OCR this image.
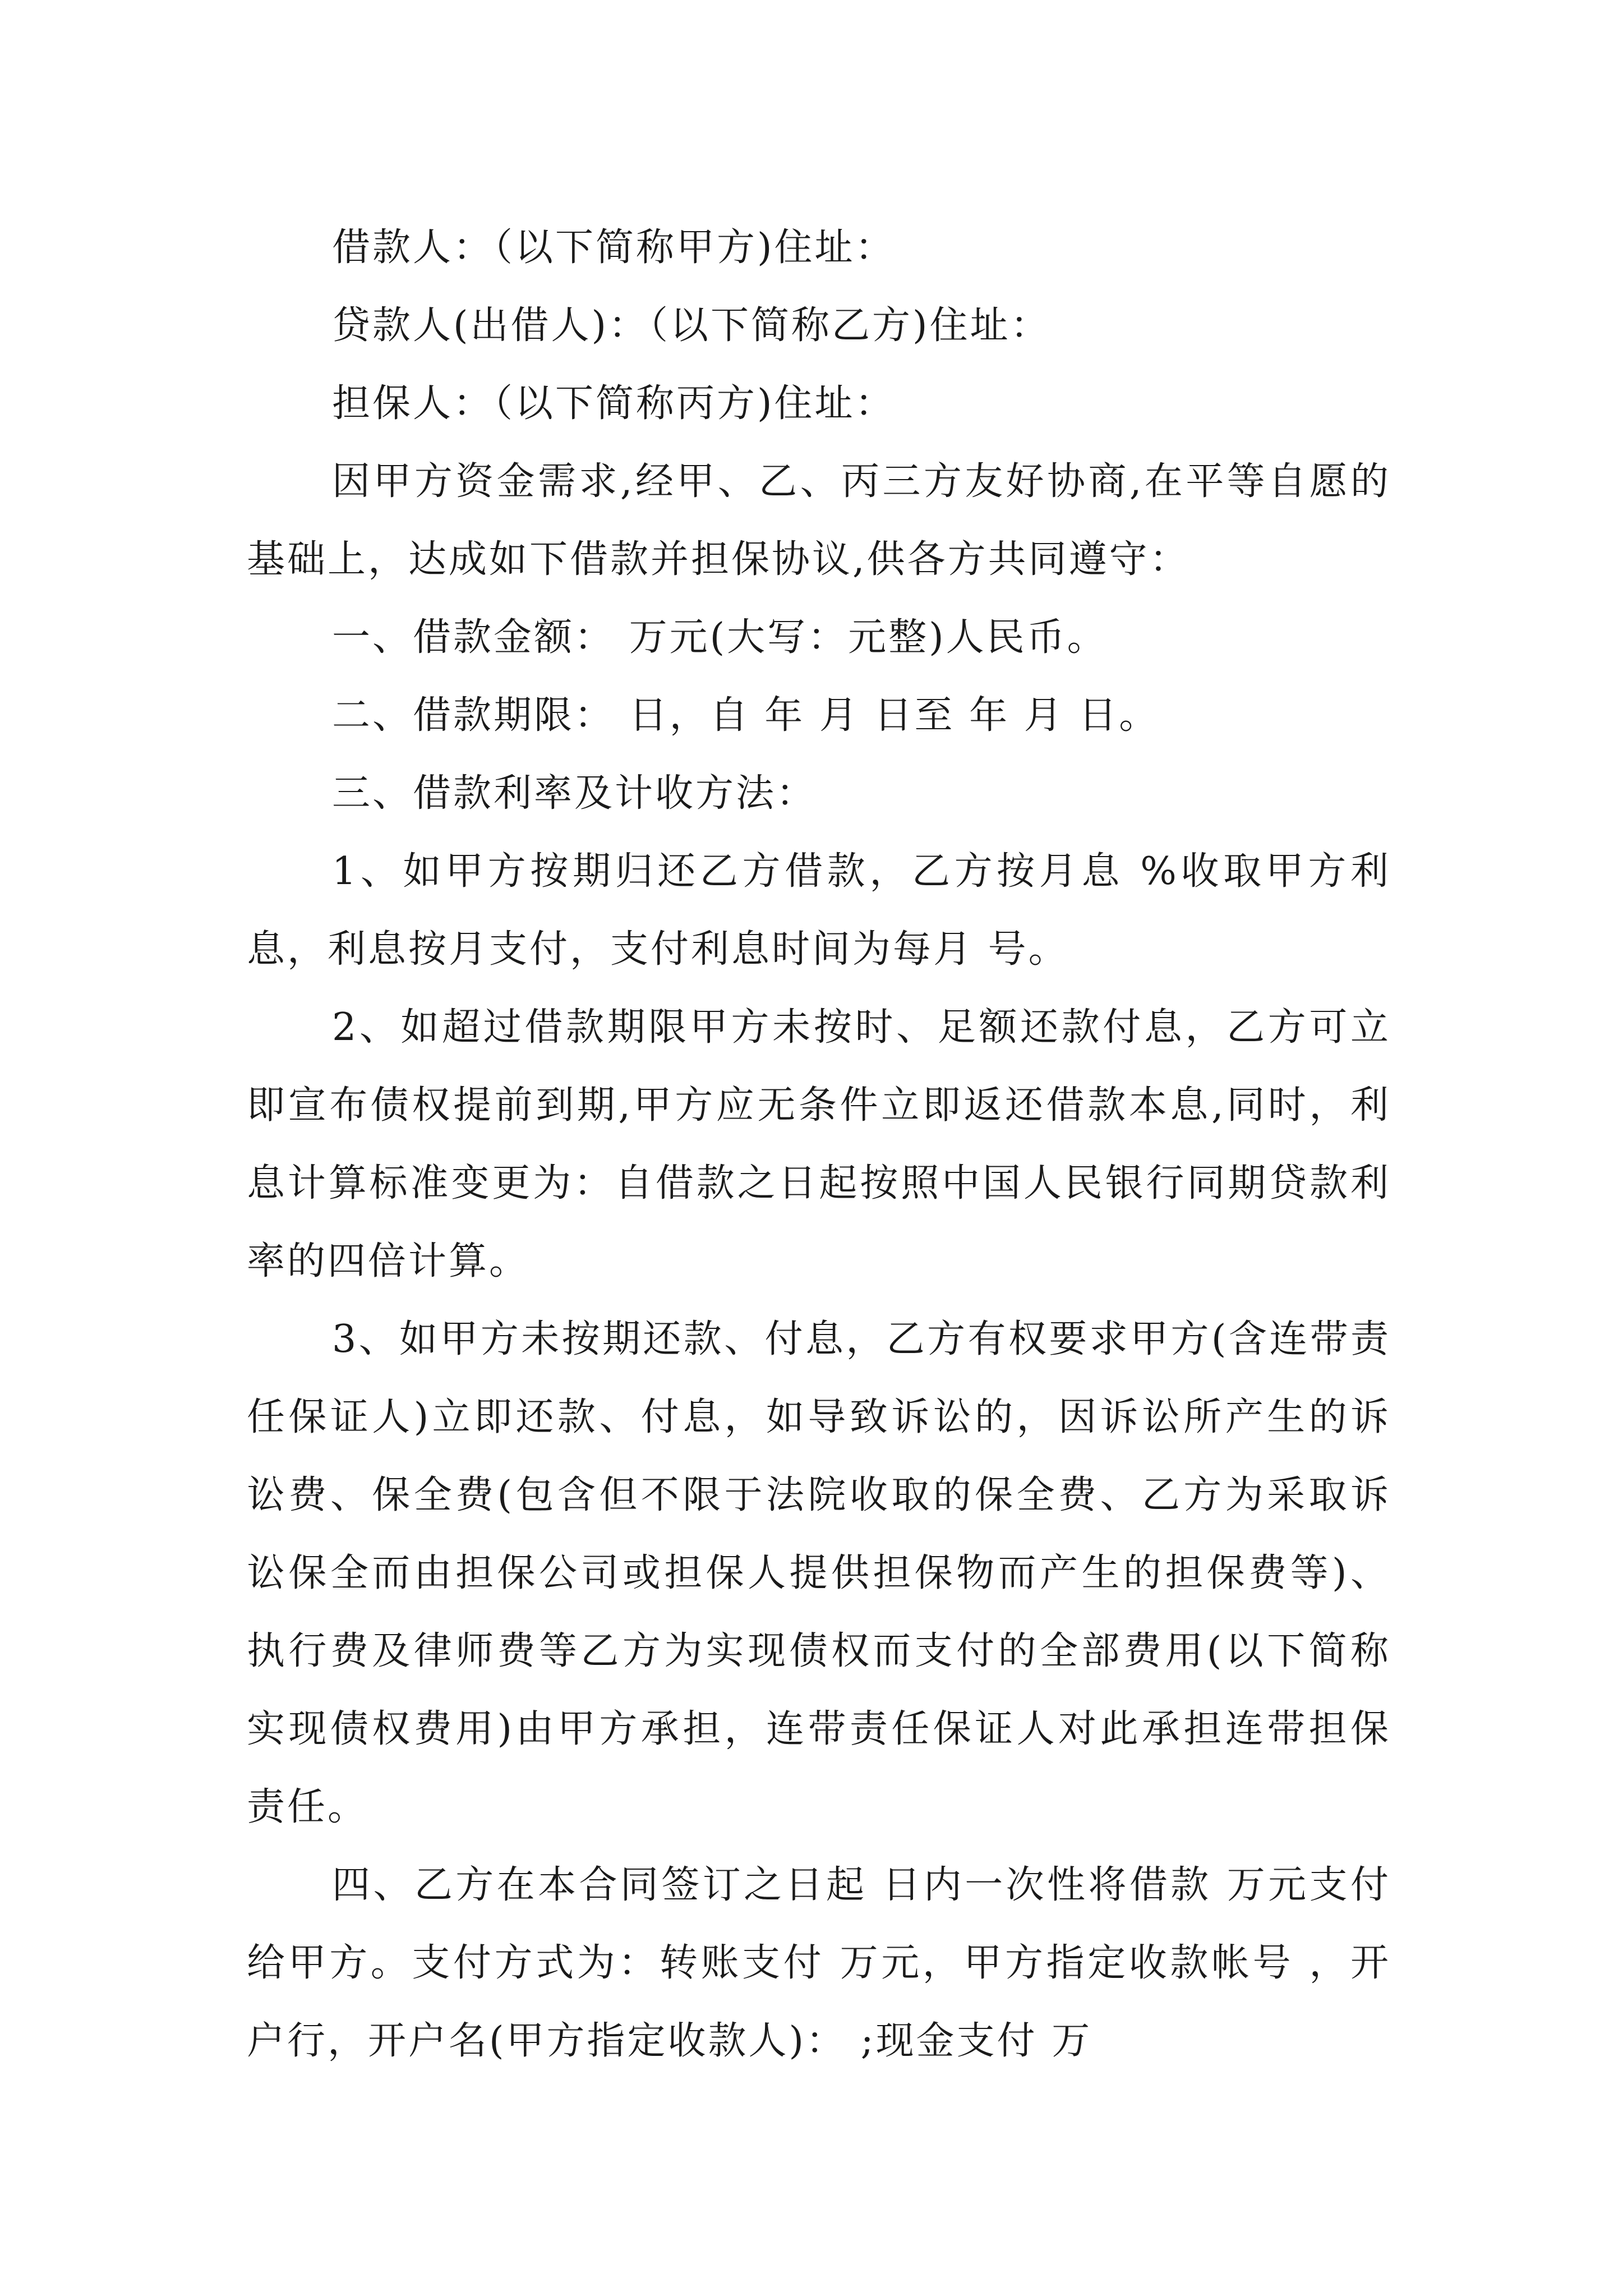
借款人：（以下简称甲方)住址：

贷款人(出借人)：（以下简称乙方)住址：

担保人：（以下简称丙方)住址：

因甲方资金需求,经甲、乙、丙三方友好协商,在平等自愿的基础上，达成如下借款并担保协议,供各方共同遵守：

一、借款金额： 万元(大写：元整)人民币。

二、借款期限： 日，自 年 月 日至 年 月 日。

三、借款利率及计收方法：

1、如甲方按期归还乙方借款，乙方按月息 %收取甲方利息，利息按月支付，支付利息时间为每月 号。

2、如超过借款期限甲方未按时、足额还款付息，乙方可立即宣布债权提前到期,甲方应无条件立即返还借款本息,同时，利息计算标准变更为：自借款之日起按照中国人民银行同期贷款利率的四倍计算。

3、如甲方未按期还款、付息，乙方有权要求甲方(含连带责任保证人)立即还款、付息，如导致诉讼的，因诉讼所产生的诉讼费、保全费(包含但不限于法院收取的保全费、乙方为采取诉讼保全而由担保公司或担保人提供担保物而产生的担保费等)、执行费及律师费等乙方为实现债权而支付的全部费用(以下简称实现债权费用)由甲方承担，连带责任保证人对此承担连带担保责任。

四、乙方在本合同签订之日起 日内一次性将借款 万元支付给甲方。支付方式为：转账支付 万元，甲方指定收款帐号 ，开户行，开户名(甲方指定收款人)： ;现金支付 万
